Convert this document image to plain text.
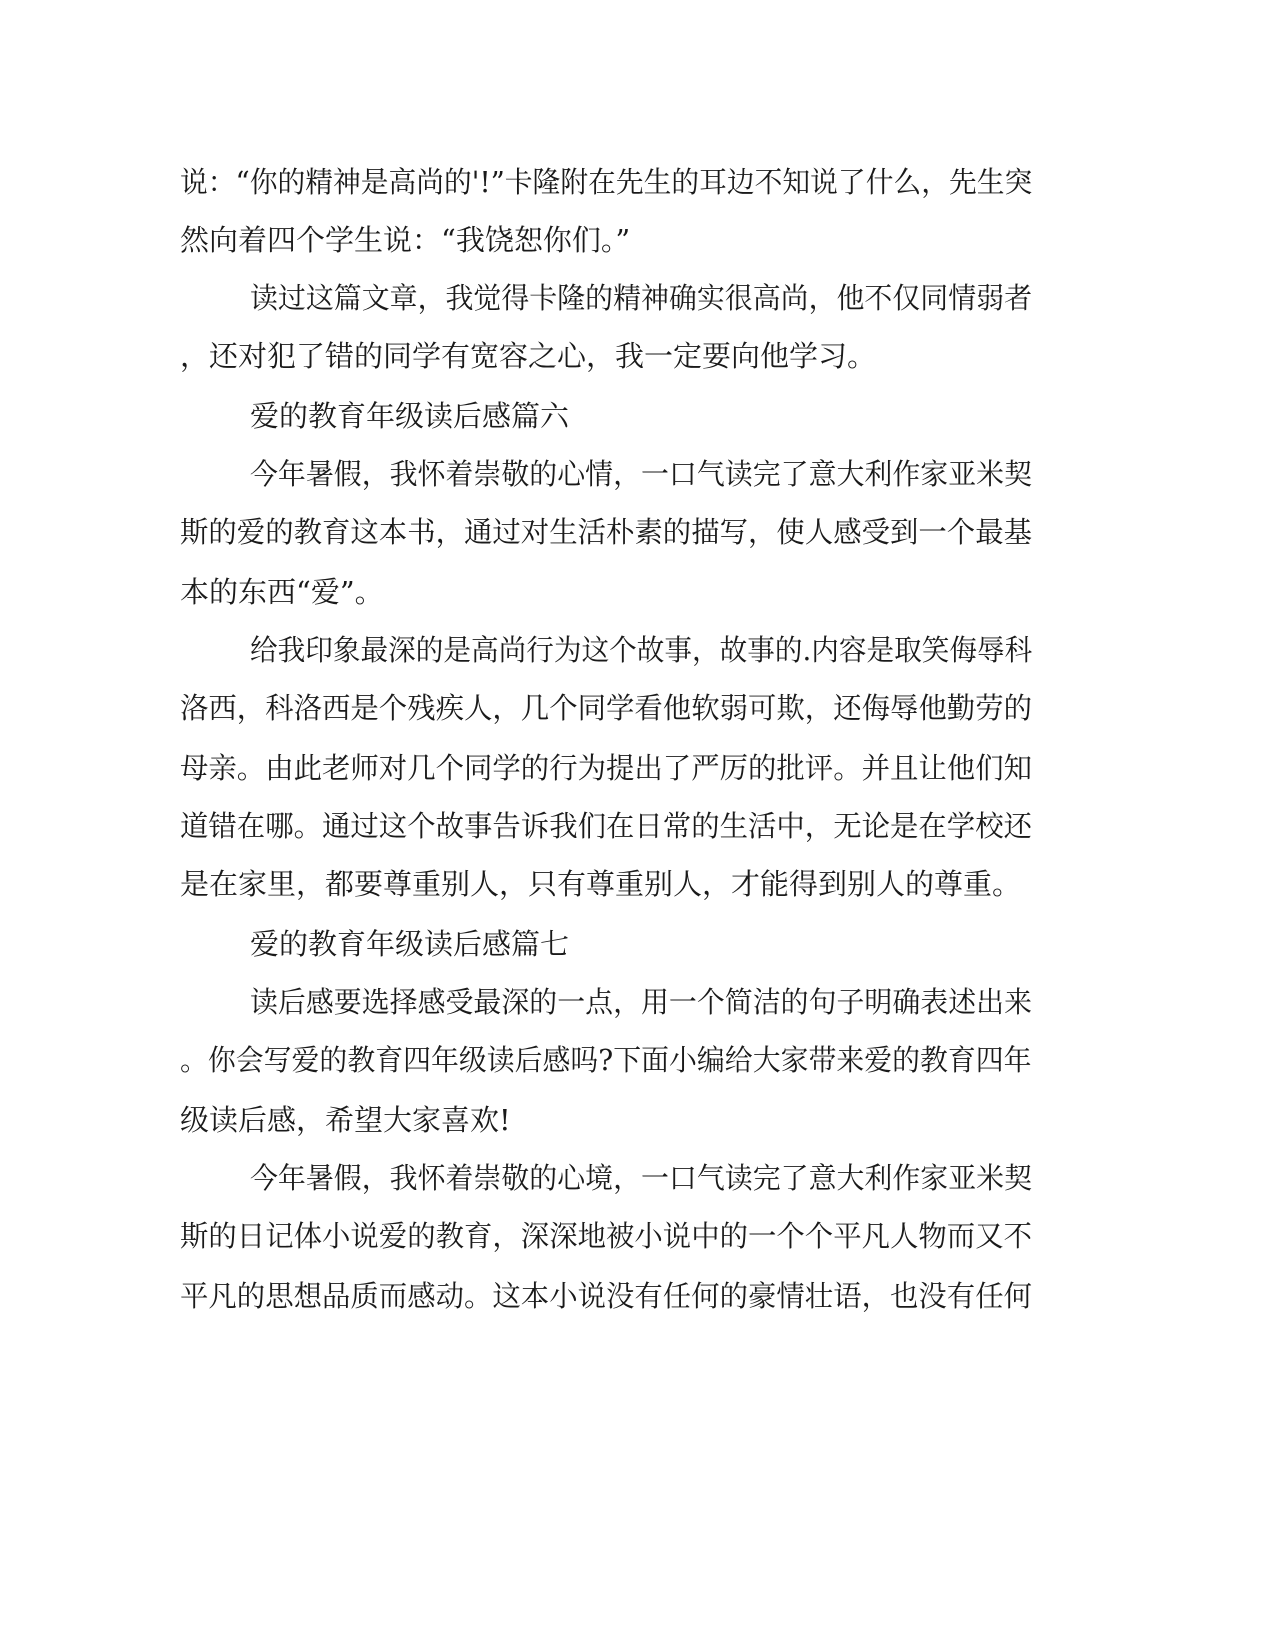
说：“你的精神是高尚的'!”卡隆附在先生的耳边不知说了什么，先生突
然向着四个学生说：“我饶恕你们。”
读过这篇文章，我觉得卡隆的精神确实很高尚，他不仅同情弱者
，还对犯了错的同学有宽容之心，我一定要向他学习。
爱的教育年级读后感篇六
今年暑假，我怀着崇敬的心情，一口气读完了意大利作家亚米契
斯的爱的教育这本书，通过对生活朴素的描写，使人感受到一个最基
本的东西“爱”。
给我印象最深的是高尚行为这个故事，故事的.内容是取笑侮辱科
洛西，科洛西是个残疾人，几个同学看他软弱可欺，还侮辱他勤劳的
母亲。由此老师对几个同学的行为提出了严厉的批评。并且让他们知
道错在哪。通过这个故事告诉我们在日常的生活中，无论是在学校还
是在家里，都要尊重别人，只有尊重别人，才能得到别人的尊重。
爱的教育年级读后感篇七
读后感要选择感受最深的一点，用一个简洁的句子明确表述出来
。你会写爱的教育四年级读后感吗?下面小编给大家带来爱的教育四年
级读后感，希望大家喜欢!
今年暑假，我怀着崇敬的心境，一口气读完了意大利作家亚米契
斯的日记体小说爱的教育，深深地被小说中的一个个平凡人物而又不
平凡的思想品质而感动。这本小说没有任何的豪情壮语，也没有任何
